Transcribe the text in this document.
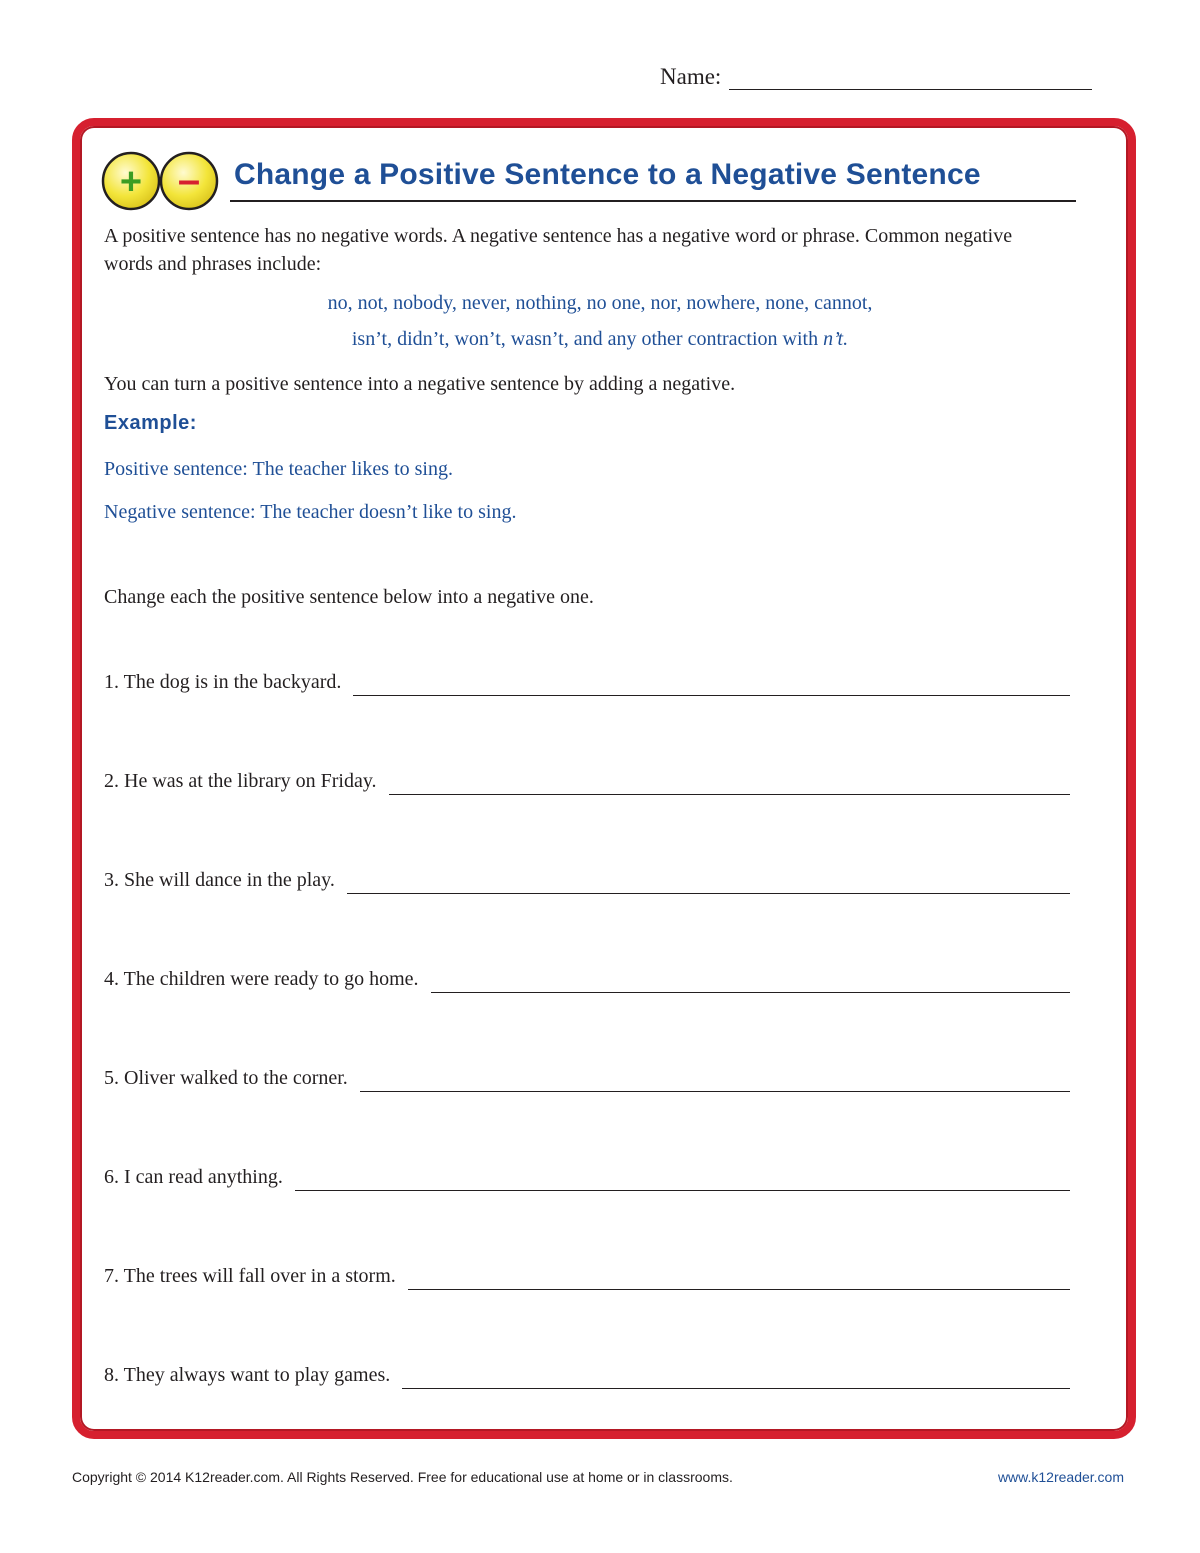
Name:
+ – Change a Positive Sentence to a Negative Sentence
A positive sentence has no negative words. A negative sentence has a negative word or phrase. Common negative words and phrases include:
no, not, nobody, never, nothing, no one, nor, nowhere, none, cannot,
isn’t, didn’t, won’t, wasn’t, and any other contraction with n’t.
You can turn a positive sentence into a negative sentence by adding a negative.
Example:
Positive sentence: The teacher likes to sing.
Negative sentence: The teacher doesn’t like to sing.
Change each the positive sentence below into a negative one.
1. The dog is in the backyard.
2. He was at the library on Friday.
3. She will dance in the play.
4. The children were ready to go home.
5. Oliver walked to the corner.
6. I can read anything.
7. The trees will fall over in a storm.
8. They always want to play games.
Copyright © 2014 K12reader.com. All Rights Reserved. Free for educational use at home or in classrooms.	www.k12reader.com
